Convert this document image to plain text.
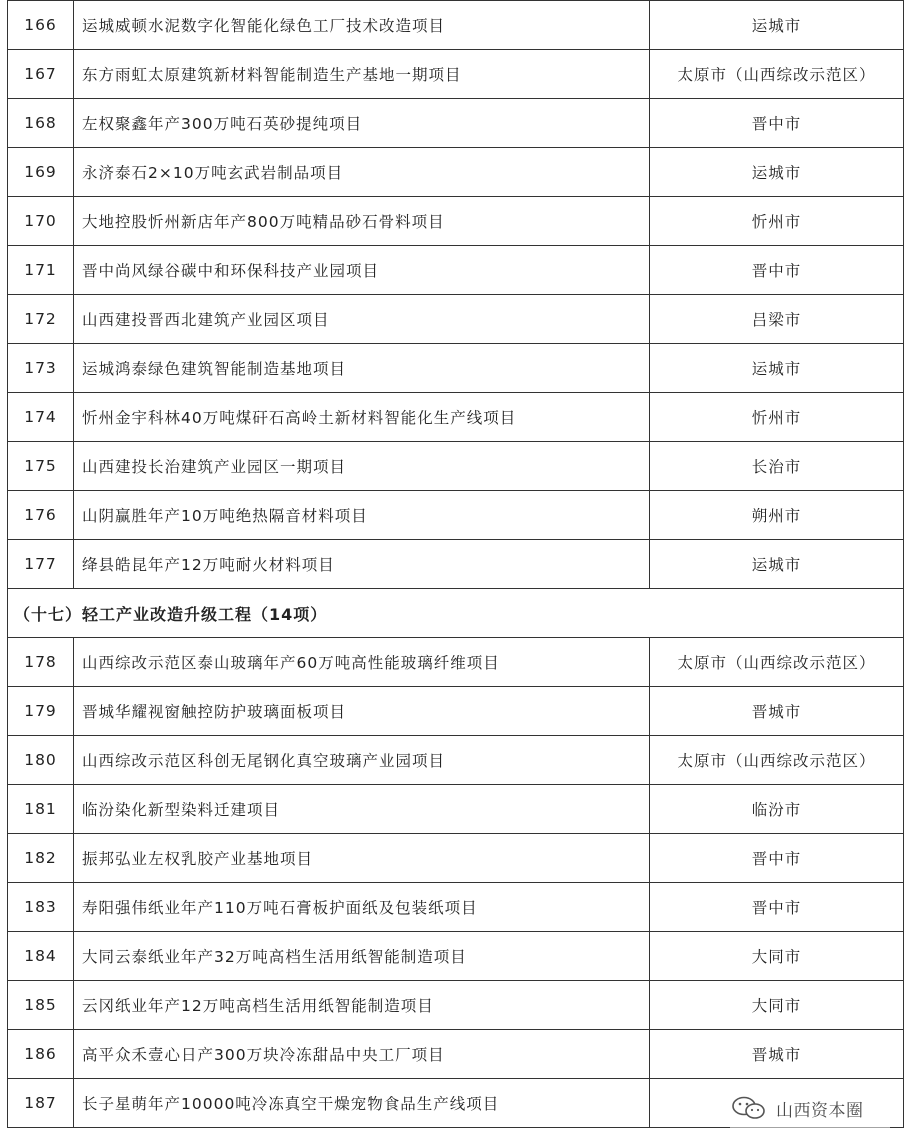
166	运城威顿水泥数字化智能化绿色工厂技术改造项目	运城市
167	东方雨虹太原建筑新材料智能制造生产基地一期项目	太原市（山西综改示范区）
168	左权聚鑫年产300万吨石英砂提纯项目	晋中市
169	永济泰石2×10万吨玄武岩制品项目	运城市
170	大地控股忻州新店年产800万吨精品砂石骨料项目	忻州市
171	晋中尚风绿谷碳中和环保科技产业园项目	晋中市
172	山西建投晋西北建筑产业园区项目	吕梁市
173	运城鸿泰绿色建筑智能制造基地项目	运城市
174	忻州金宇科林40万吨煤矸石高岭土新材料智能化生产线项目	忻州市
175	山西建投长治建筑产业园区一期项目	长治市
176	山阴赢胜年产10万吨绝热隔音材料项目	朔州市
177	绛县皓昆年产12万吨耐火材料项目	运城市
（十七）轻工产业改造升级工程（14项）		
178	山西综改示范区泰山玻璃年产60万吨高性能玻璃纤维项目	太原市（山西综改示范区）
179	晋城华耀视窗触控防护玻璃面板项目	晋城市
180	山西综改示范区科创无尾钢化真空玻璃产业园项目	太原市（山西综改示范区）
181	临汾染化新型染料迁建项目	临汾市
182	振邦弘业左权乳胶产业基地项目	晋中市
183	寿阳强伟纸业年产110万吨石膏板护面纸及包装纸项目	晋中市
184	大同云泰纸业年产32万吨高档生活用纸智能制造项目	大同市
185	云冈纸业年产12万吨高档生活用纸智能制造项目	大同市
186	高平众禾壹心日产300万块冷冻甜品中央工厂项目	晋城市
187	长子星萌年产10000吨冷冻真空干燥宠物食品生产线项目		山西资本圈
